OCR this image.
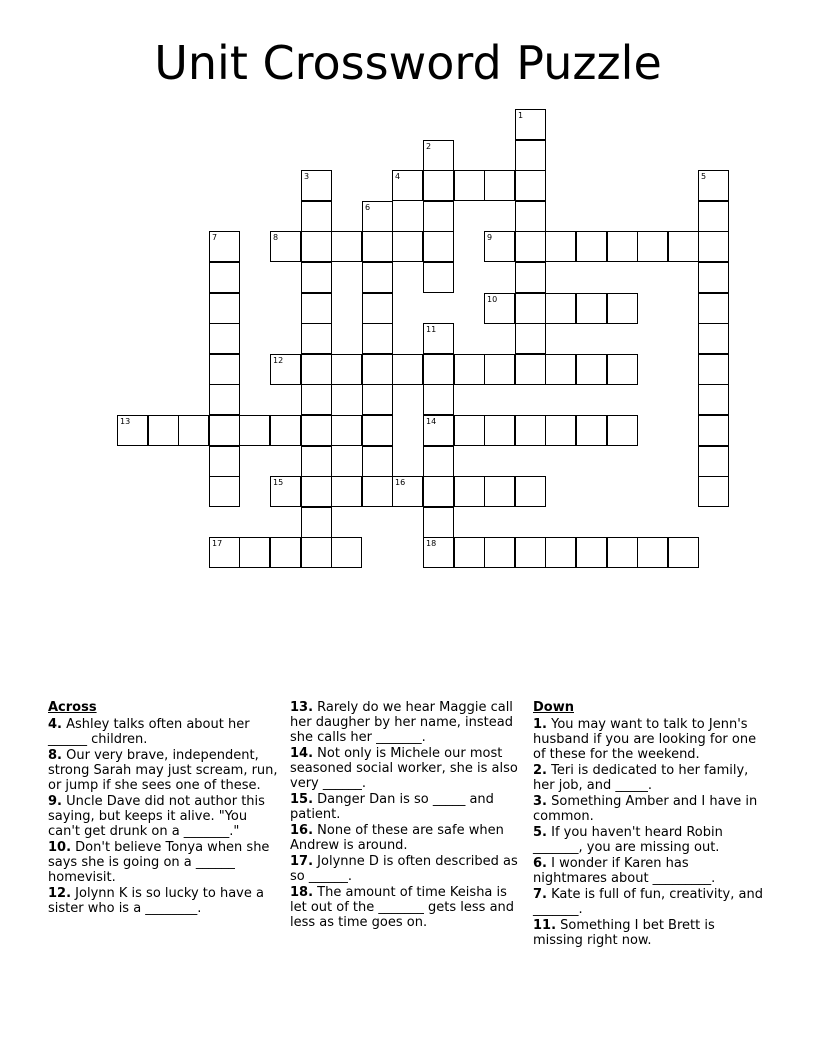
Unit Crossword Puzzle
1
2
3	4	5
6
7	8	9
10
11
14
18
12
13
15	16
17
Across
4. Ashley talks often about her ______ children.
8. Our very brave, independent, strong Sarah may just scream, run, or jump if she sees one of these.
9. Uncle Dave did not author this saying, but keeps it alive. "You can't get drunk on a _______."
10. Don't believe Tonya when she says she is going on a ______ homevisit.
12. Jolynn K is so lucky to have a sister who is a ________.
13. Rarely do we hear Maggie call her daugher by her name, instead she calls her _______.
14. Not only is Michele our most seasoned social worker, she is also very ______.
15. Danger Dan is so _____ and patient.
16. None of these are safe when Andrew is around.
17. Jolynne D is often described as so ______.
18. The amount of time Keisha is let out of the _______ gets less and less as time goes on.
Down
1. You may want to talk to Jenn's husband if you are looking for one of these for the weekend.
2. Teri is dedicated to her family, her job, and _____.
3. Something Amber and I have in common.
5. If you haven't heard Robin _______, you are missing out.
6. I wonder if Karen has nightmares about _________.
7. Kate is full of fun, creativity, and _______.
11. Something I bet Brett is missing right now.
